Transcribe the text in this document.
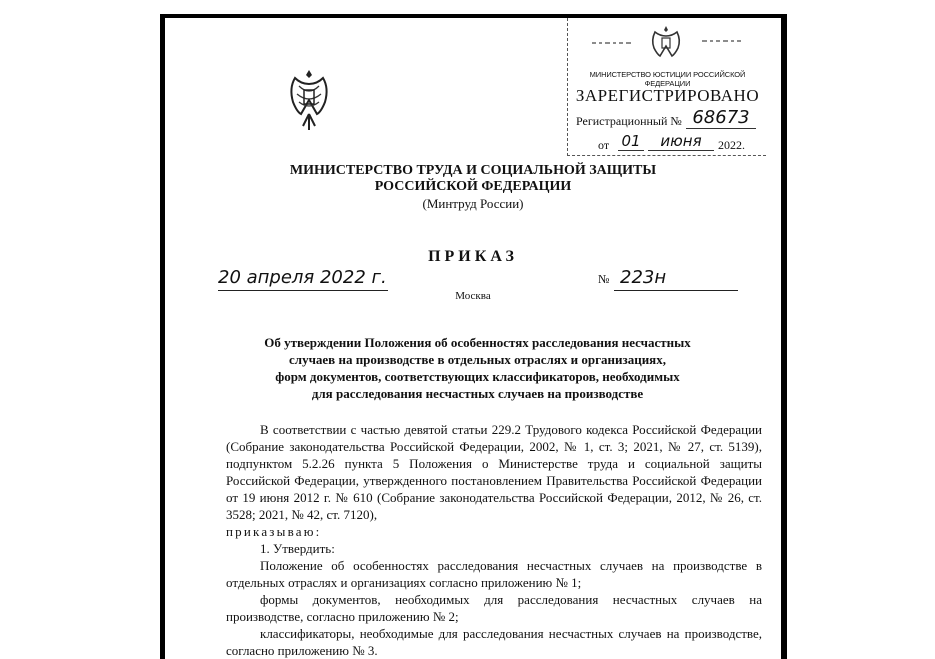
МИНИСТЕРСТВО ЮСТИЦИИ РОССИЙСКОЙ ФЕДЕРАЦИИ
ЗАРЕГИСТРИРОВАНО
Регистрационный № 68673
от 01	июня	2022.
МИНИСТЕРСТВО ТРУДА И СОЦИАЛЬНОЙ ЗАЩИТЫ
РОССИЙСКОЙ ФЕДЕРАЦИИ
(Минтруд России)
ПРИКАЗ
20 апреля 2022 г.	№ 223н
Москва
Об утверждении Положения об особенностях расследования несчастных
случаев на производстве в отдельных отраслях и организациях,
форм документов, соответствующих классификаторов, необходимых
для расследования несчастных случаев на производстве

В соответствии с частью девятой статьи 229.2 Трудового кодекса Российской Федерации (Собрание законодательства Российской Федерации, 2002, № 1, ст. 3; 2021, № 27, ст. 5139), подпунктом 5.2.26 пункта 5 Положения о Министерстве труда и социальной защиты Российской Федерации, утвержденного постановлением Правительства Российской Федерации от 19 июня 2012 г. № 610 (Собрание законодательства Российской Федерации, 2012, № 26, ст. 3528; 2021, № 42, ст. 7120),

приказываю:

1. Утвердить:

Положение об особенностях расследования несчастных случаев на производстве в отдельных отраслях и организациях согласно приложению № 1;

формы документов, необходимых для расследования несчастных случаев на производстве, согласно приложению № 2;

классификаторы, необходимые для расследования несчастных случаев на производстве, согласно приложению № 3.
